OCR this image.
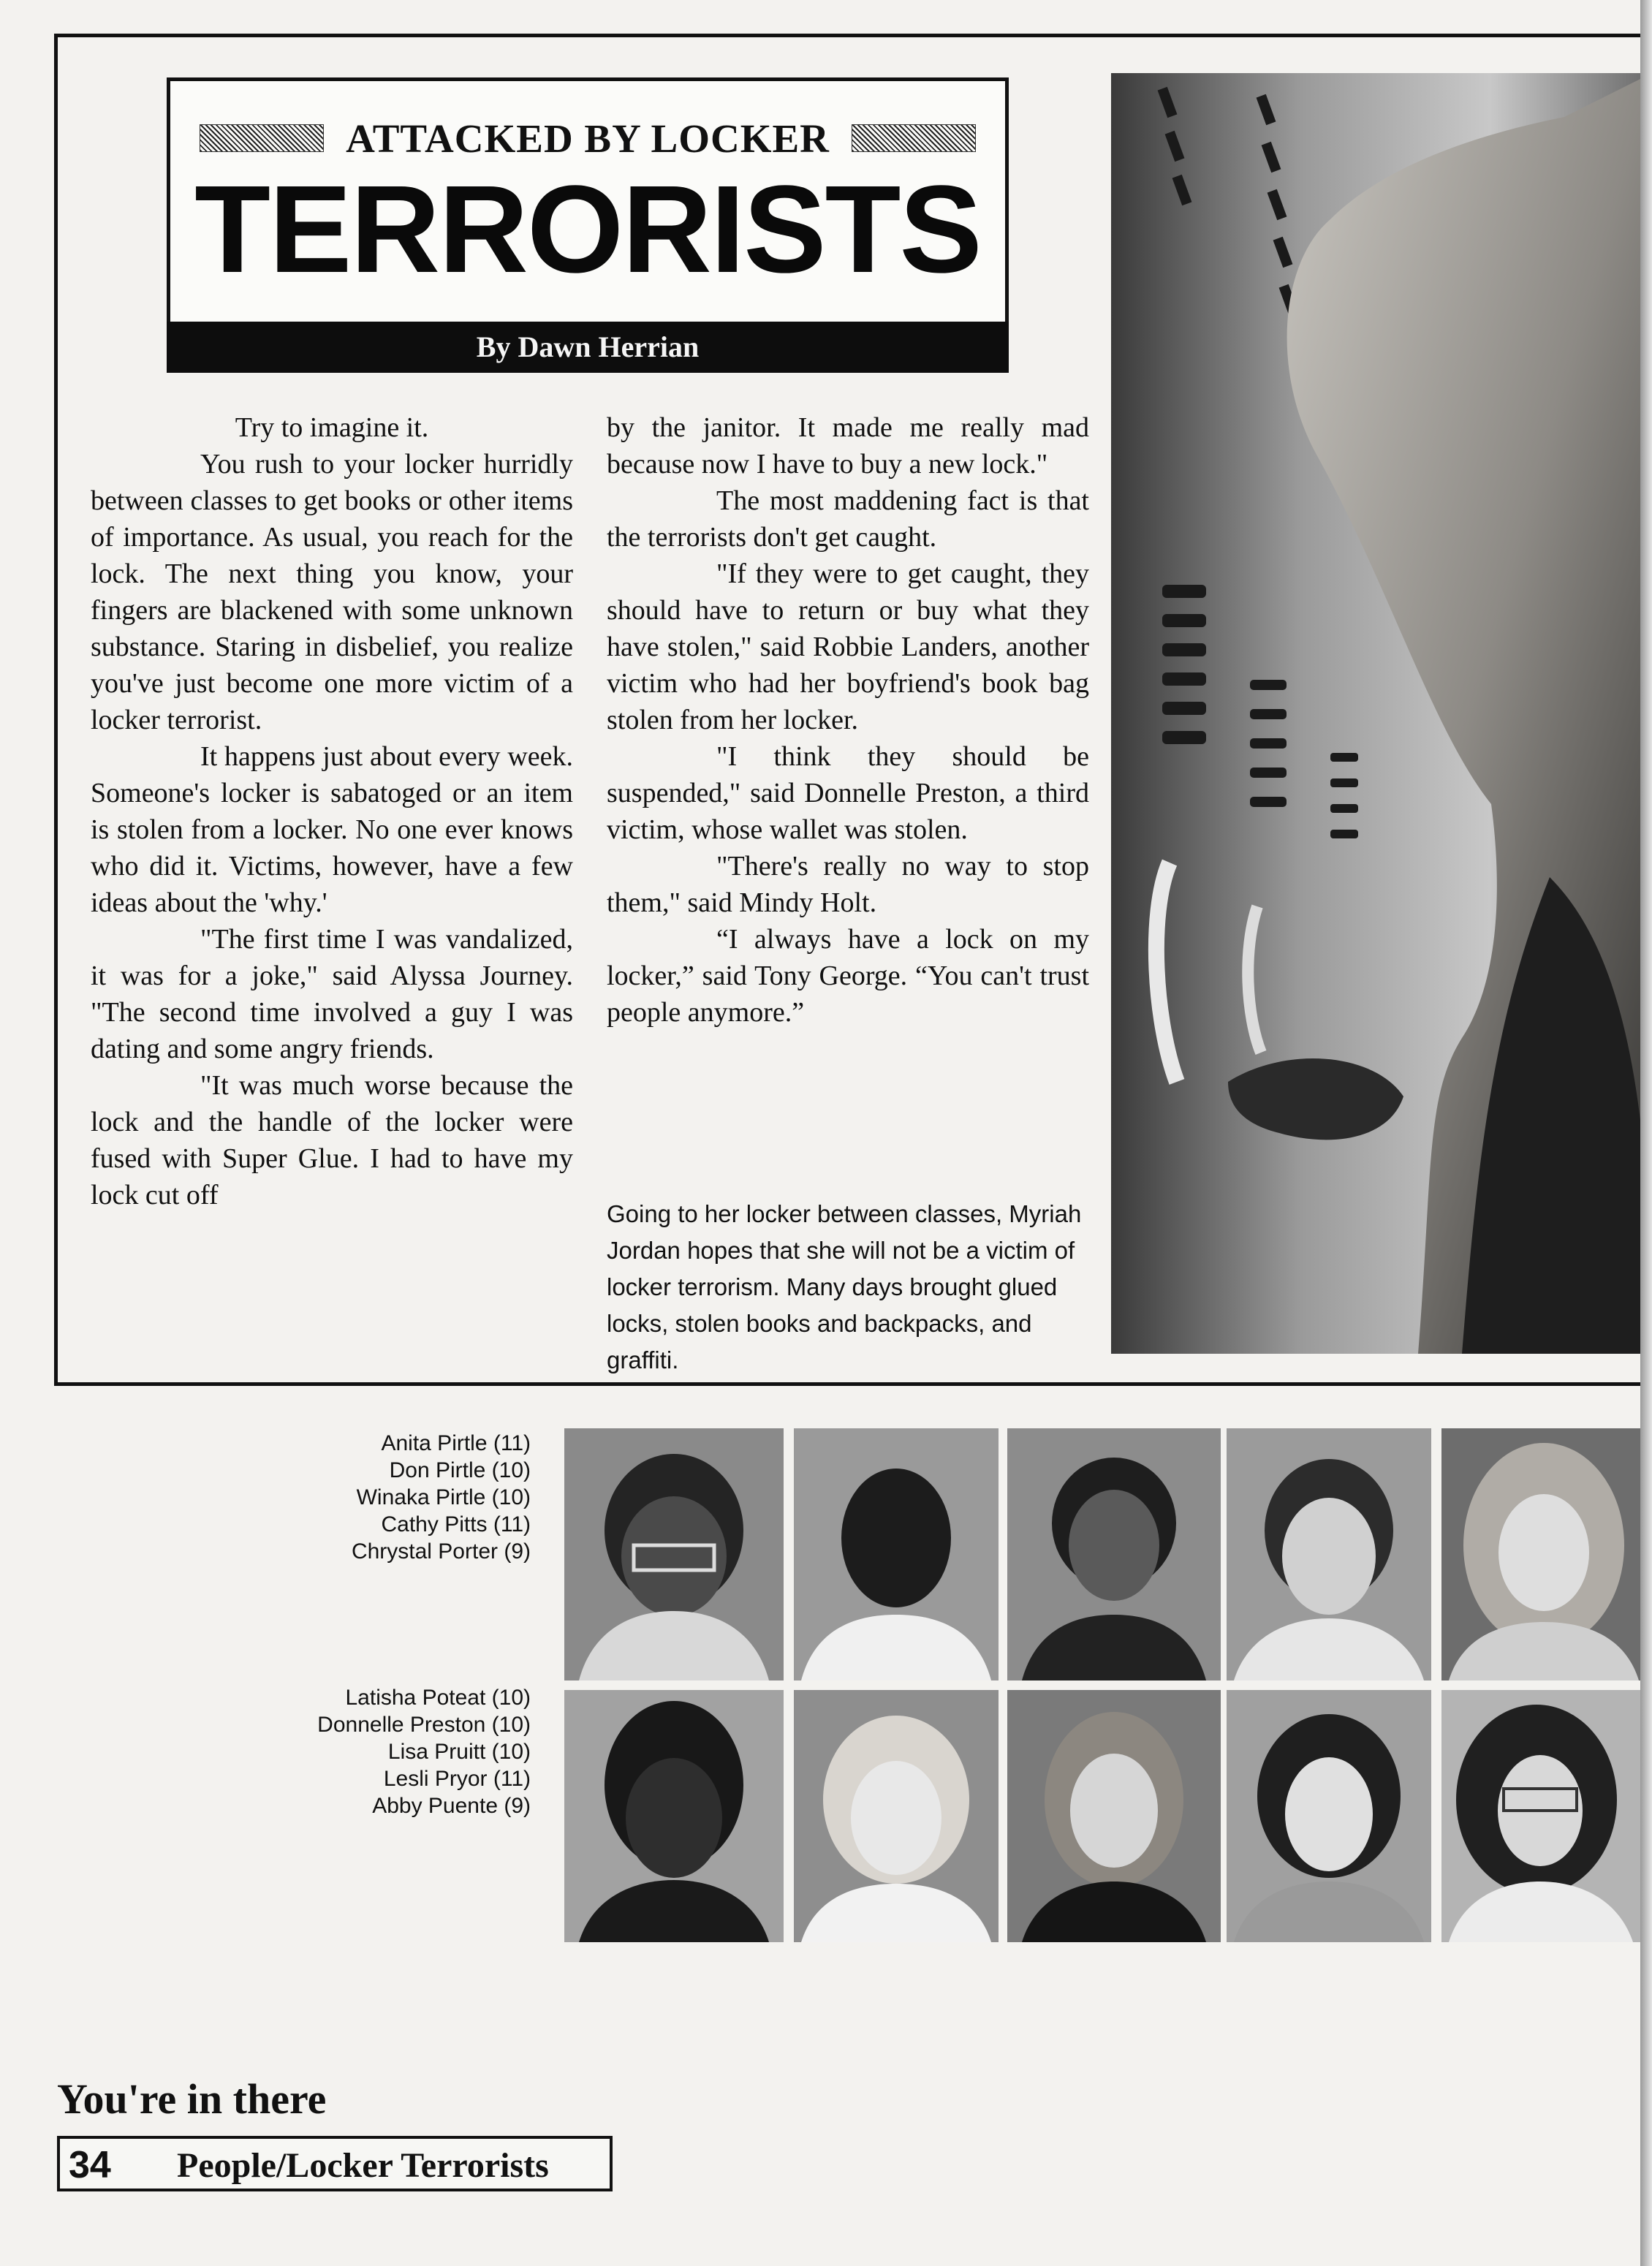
ATTACKED BY LOCKER
TERRORISTS
By Dawn Herrian

Try to imagine it.

You rush to your locker hurridly between classes to get books or other items of importance. As usual, you reach for the lock. The next thing you know, your fingers are blackened with some unknown substance. Staring in disbelief, you realize you've just become one more victim of a locker terrorist.

It happens just about every week. Someone's locker is sabatoged or an item is stolen from a locker. No one ever knows who did it. Victims, however, have a few ideas about the 'why.'

"The first time I was vandalized, it was for a joke," said Alyssa Journey. "The second time involved a guy I was dating and some angry friends.

"It was much worse because the lock and the handle of the locker were fused with Super Glue. I had to have my lock cut off

by the janitor. It made me really mad because now I have to buy a new lock."

The most maddening fact is that the terrorists don't get caught.

"If they were to get caught, they should have to return or buy what they have stolen," said Robbie Landers, another victim who had her boyfriend's book bag stolen from her locker.

"I think they should be suspended," said Donnelle Preston, a third victim, whose wallet was stolen.

"There's really no way to stop them," said Mindy Holt.

“I always have a lock on my locker,” said Tony George. “You can't trust people anymore.”

Going to her locker between classes, Myriah Jordan hopes that she will not be a victim of locker terrorism. Many days brought glued locks, stolen books and backpacks, and graffiti.
Anita Pirtle (11)
Don Pirtle (10)
Winaka Pirtle (10)
Cathy Pitts (11)
Chrystal Porter (9)
Latisha Poteat (10)
Donnelle Preston (10)
Lisa Pruitt (10)
Lesli Pryor (11)
Abby Puente (9)
You're in there
34 People/Locker Terrorists
